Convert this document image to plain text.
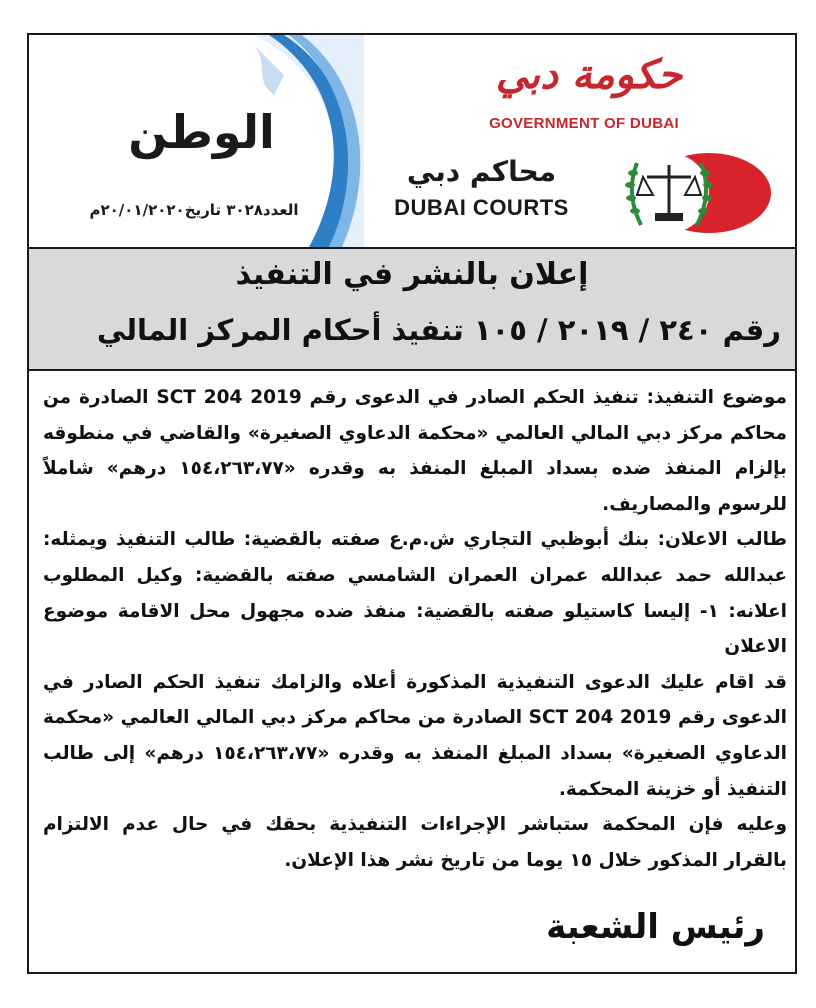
الوطن
العدد٣٠٢٨ تاريخ٢٠/٠١/٢٠٢٠م
حكومة دبي
GOVERNMENT OF DUBAI
محاكم دبي
DUBAI COURTS
إعلان بالنشر في التنفيذ
رقم ٢٤٠ / ٢٠١٩ / ١٠٥ تنفيذ أحكام المركز المالي

موضوع التنفيذ: تنفيذ الحكم الصادر في الدعوى رقم SCT 204 2019 الصادرة من محاكم مركز دبي المالي العالمي «محكمة الدعاوي الصغيرة» والقاضي في منطوقه بإلزام المنفذ ضده بسداد المبلغ المنفذ به وقدره «١٥٤،٢٦٣،٧٧ درهم» شاملاً للرسوم والمصاريف.

طالب الاعلان: بنك أبوظبي التجاري ش.م.ع صفته بالقضية: طالب التنفيذ ويمثله: عبدالله حمد عبدالله عمران العمران الشامسي صفته بالقضية: وكيل المطلوب اعلانه: ١- إليسا كاستيلو صفته بالقضية: منفذ ضده مجهول محل الاقامة موضوع الاعلان

قد اقام عليك الدعوى التنفيذية المذكورة أعلاه والزامك تنفيذ الحكم الصادر في الدعوى رقم SCT 204 2019 الصادرة من محاكم مركز دبي المالي العالمي «محكمة الدعاوي الصغيرة» بسداد المبلغ المنفذ به وقدره «١٥٤،٢٦٣،٧٧ درهم» إلى طالب التنفيذ أو خزينة المحكمة.

وعليه فإن المحكمة ستباشر الإجراءات التنفيذية بحقك في حال عدم الالتزام بالقرار المذكور خلال ١٥ يوما من تاريخ نشر هذا الإعلان.

رئيس الشعبة
